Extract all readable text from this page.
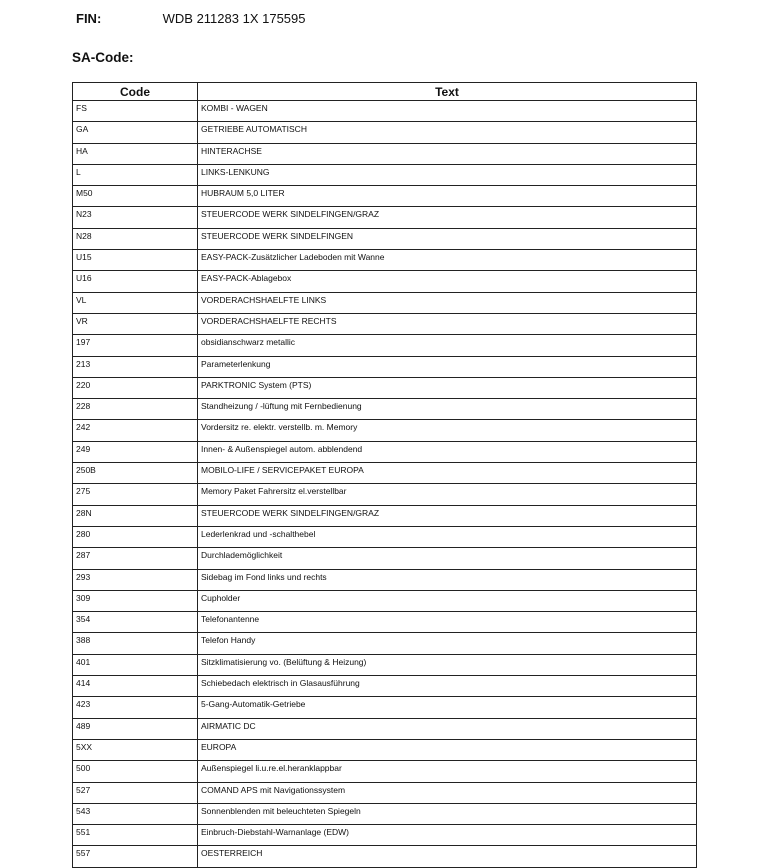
FIN:	WDB 211283 1X 175595
SA-Code:
Code	Text
FS	KOMBI - WAGEN
GA	GETRIEBE AUTOMATISCH
HA	HINTERACHSE
L	LINKS-LENKUNG
M50	HUBRAUM 5,0 LITER
N23	STEUERCODE WERK SINDELFINGEN/GRAZ
N28	STEUERCODE WERK SINDELFINGEN
U15	EASY-PACK-Zusätzlicher Ladeboden mit Wanne
U16	EASY-PACK-Ablagebox
VL	VORDERACHSHAELFTE LINKS
VR	VORDERACHSHAELFTE RECHTS
197	obsidianschwarz metallic
213	Parameterlenkung
220	PARKTRONIC System (PTS)
228	Standheizung / -lüftung mit Fernbedienung
242	Vordersitz re. elektr. verstellb. m. Memory
249	Innen- & Außenspiegel autom. abblendend
250B	MOBILO-LIFE / SERVICEPAKET EUROPA
275	Memory Paket Fahrersitz el.verstellbar
28N	STEUERCODE WERK SINDELFINGEN/GRAZ
280	Lederlenkrad und -schalthebel
287	Durchlademöglichkeit
293	Sidebag im Fond links und rechts
309	Cupholder
354	Telefonantenne
388	Telefon Handy
401	Sitzklimatisierung vo. (Belüftung & Heizung)
414	Schiebedach elektrisch in Glasausführung
423	5-Gang-Automatik-Getriebe
489	AIRMATIC DC
5XX	EUROPA
500	Außenspiegel li.u.re.el.heranklappbar
527	COMAND APS mit Navigationssystem
543	Sonnenblenden mit beleuchteten Spiegeln
551	Einbruch-Diebstahl-Warnanlage (EDW)
557	OESTERREICH
